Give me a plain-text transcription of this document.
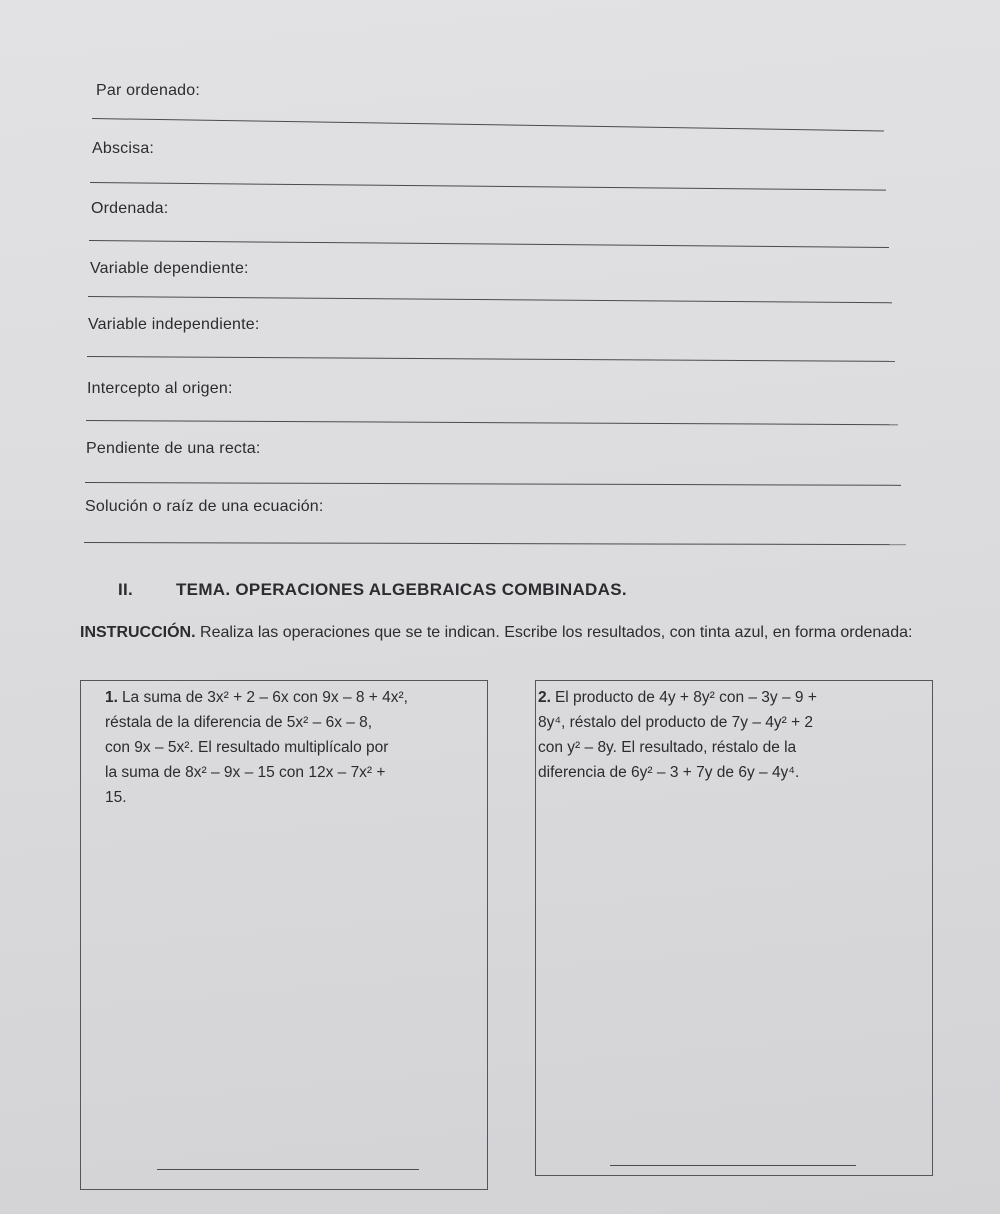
Par ordenado:
Abscisa:
Ordenada:
Variable dependiente:
Variable independiente:
Intercepto al origen:
Pendiente de una recta:
Solución o raíz de una ecuación:
II.	TEMA. OPERACIONES ALGEBRAICAS COMBINADAS.
INSTRUCCIÓN. Realiza las operaciones que se te indican. Escribe los resultados, con tinta azul, en forma ordenada:
1. La suma de 3x² + 2 – 6x con 9x – 8 + 4x²,
réstala de la diferencia de 5x² – 6x – 8,
con 9x – 5x². El resultado multiplícalo por
la suma de 8x² – 9x – 15 con 12x – 7x² +
15.
2. El producto de 4y + 8y² con – 3y – 9 +
8y⁴, réstalo del producto de 7y – 4y² + 2
con y² – 8y. El resultado, réstalo de la
diferencia de 6y² – 3 + 7y de 6y – 4y⁴.
